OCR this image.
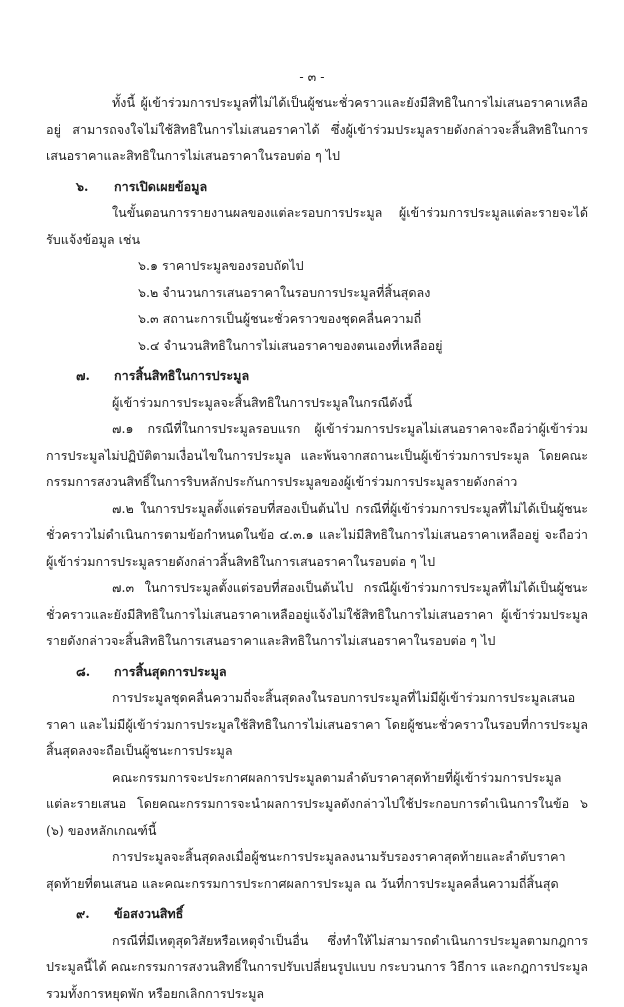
- ๓ -

ทั้งนี้ ผู้เข้าร่วมการประมูลที่ไม่ได้เป็นผู้ชนะชั่วคราวและยังมีสิทธิในการไม่เสนอราคาเหลืออยู่ สามารถจงใจไม่ใช้สิทธิในการไม่เสนอราคาได้ ซึ่งผู้เข้าร่วมประมูลรายดังกล่าวจะสิ้นสิทธิในการเสนอราคาและสิทธิในการไม่เสนอราคาในรอบต่อ ๆ ไป

๖. การเปิดเผยข้อมูล

ในขั้นตอนการรายงานผลของแต่ละรอบการประมูล ผู้เข้าร่วมการประมูลแต่ละรายจะได้รับแจ้งข้อมูล เช่น

๖.๑ ราคาประมูลของรอบถัดไป

๖.๒ จำนวนการเสนอราคาในรอบการประมูลที่สิ้นสุดลง

๖.๓ สถานะการเป็นผู้ชนะชั่วคราวของชุดคลื่นความถี่

๖.๔ จำนวนสิทธิในการไม่เสนอราคาของตนเองที่เหลืออยู่

๗. การสิ้นสิทธิในการประมูล

ผู้เข้าร่วมการประมูลจะสิ้นสิทธิในการประมูลในกรณีดังนี้

๗.๑ กรณีที่ในการประมูลรอบแรก ผู้เข้าร่วมการประมูลไม่เสนอราคาจะถือว่าผู้เข้าร่วมการประมูลไม่ปฏิบัติตามเงื่อนไขในการประมูล และพ้นจากสถานะเป็นผู้เข้าร่วมการประมูล โดยคณะกรรมการสงวนสิทธิ์ในการริบหลักประกันการประมูลของผู้เข้าร่วมการประมูลรายดังกล่าว

๗.๒ ในการประมูลตั้งแต่รอบที่สองเป็นต้นไป กรณีที่ผู้เข้าร่วมการประมูลที่ไม่ได้เป็นผู้ชนะชั่วคราวไม่ดำเนินการตามข้อกำหนดในข้อ ๔.๓.๑ และไม่มีสิทธิในการไม่เสนอราคาเหลืออยู่ จะถือว่าผู้เข้าร่วมการประมูลรายดังกล่าวสิ้นสิทธิในการเสนอราคาในรอบต่อ ๆ ไป

๗.๓ ในการประมูลตั้งแต่รอบที่สองเป็นต้นไป กรณีผู้เข้าร่วมการประมูลที่ไม่ได้เป็นผู้ชนะชั่วคราวและยังมีสิทธิในการไม่เสนอราคาเหลืออยู่แจ้งไม่ใช้สิทธิในการไม่เสนอราคา ผู้เข้าร่วมประมูลรายดังกล่าวจะสิ้นสิทธิในการเสนอราคาและสิทธิในการไม่เสนอราคาในรอบต่อ ๆ ไป

๘. การสิ้นสุดการประมูล

การประมูลชุดคลื่นความถี่จะสิ้นสุดลงในรอบการประมูลที่ไม่มีผู้เข้าร่วมการประมูลเสนอราคา และไม่มีผู้เข้าร่วมการประมูลใช้สิทธิในการไม่เสนอราคา โดยผู้ชนะชั่วคราวในรอบที่การประมูลสิ้นสุดลงจะถือเป็นผู้ชนะการประมูล

คณะกรรมการจะประกาศผลการประมูลตามลำดับราคาสุดท้ายที่ผู้เข้าร่วมการประมูลแต่ละรายเสนอ โดยคณะกรรมการจะนำผลการประมูลดังกล่าวไปใช้ประกอบการดำเนินการในข้อ ๖ (๖) ของหลักเกณฑ์นี้

การประมูลจะสิ้นสุดลงเมื่อผู้ชนะการประมูลลงนามรับรองราคาสุดท้ายและลำดับราคาสุดท้ายที่ตนเสนอ และคณะกรรมการประกาศผลการประมูล ณ วันที่การประมูลคลื่นความถี่สิ้นสุด

๙. ข้อสงวนสิทธิ์

กรณีที่มีเหตุสุดวิสัยหรือเหตุจำเป็นอื่น ซึ่งทำให้ไม่สามารถดำเนินการประมูลตามกฎการประมูลนี้ได้ คณะกรรมการสงวนสิทธิ์ในการปรับเปลี่ยนรูปแบบ กระบวนการ วิธีการ และกฎการประมูล รวมทั้งการหยุดพัก หรือยกเลิกการประมูล
